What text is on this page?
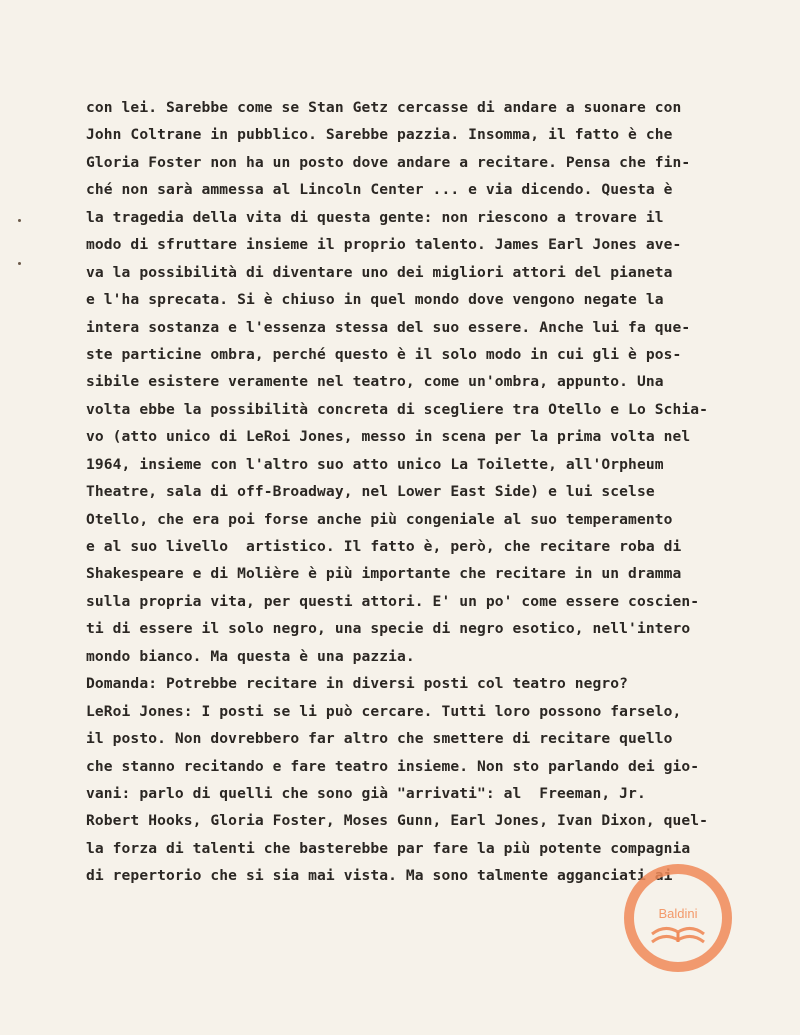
con lei. Sarebbe come se Stan Getz cercasse di andare a suonare con
John Coltrane in pubblico. Sarebbe pazzia. Insomma, il fatto è che
Gloria Foster non ha un posto dove andare a recitare. Pensa che fin-
ché non sarà ammessa al Lincoln Center ... e via dicendo. Questa è
la tragedia della vita di questa gente: non riescono a trovare il
modo di sfruttare insieme il proprio talento. James Earl Jones ave-
va la possibilità di diventare uno dei migliori attori del pianeta
e l'ha sprecata. Si è chiuso in quel mondo dove vengono negate la
intera sostanza e l'essenza stessa del suo essere. Anche lui fa que-
ste particine ombra, perché questo è il solo modo in cui gli è pos-
sibile esistere veramente nel teatro, come un'ombra, appunto. Una
volta ebbe la possibilità concreta di scegliere tra Otello e Lo Schia-
vo (atto unico di LeRoi Jones, messo in scena per la prima volta nel
1964, insieme con l'altro suo atto unico La Toilette, all'Orpheum
Theatre, sala di off-Broadway, nel Lower East Side) e lui scelse
Otello, che era poi forse anche più congeniale al suo temperamento
e al suo livello  artistico. Il fatto è, però, che recitare roba di
Shakespeare e di Molière è più importante che recitare in un dramma
sulla propria vita, per questi attori. E' un po' come essere coscien-
ti di essere il solo negro, una specie di negro esotico, nell'intero
mondo bianco. Ma questa è una pazzia.
Domanda: Potrebbe recitare in diversi posti col teatro negro?
LeRoi Jones: I posti se li può cercare. Tutti loro possono farselo,
il posto. Non dovrebbero far altro che smettere di recitare quello
che stanno recitando e fare teatro insieme. Non sto parlando dei gio-
vani: parlo di quelli che sono già "arrivati": al  Freeman, Jr.
Robert Hooks, Gloria Foster, Moses Gunn, Earl Jones, Ivan Dixon, quel-
la forza di talenti che basterebbe par fare la più potente compagnia
di repertorio che si sia mai vista. Ma sono talmente agganciati ai
Baldini
